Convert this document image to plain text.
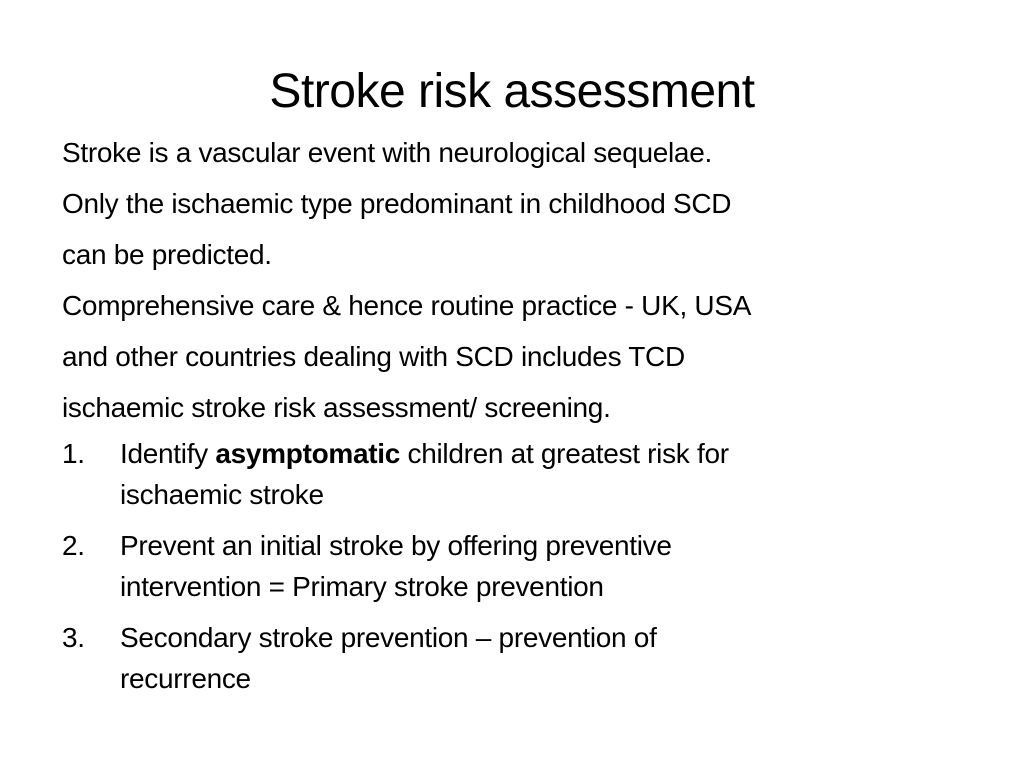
Stroke risk assessment
Stroke is a vascular event with neurological sequelae.
Only the ischaemic type predominant in childhood SCD
can be predicted.
Comprehensive care & hence routine practice - UK, USA
and other countries dealing with SCD includes TCD
ischaemic stroke risk assessment/ screening.
1. Identify asymptomatic children at greatest risk for
ischaemic stroke
2. Prevent an initial stroke by offering preventive
intervention = Primary stroke prevention
3. Secondary stroke prevention – prevention of
recurrence
